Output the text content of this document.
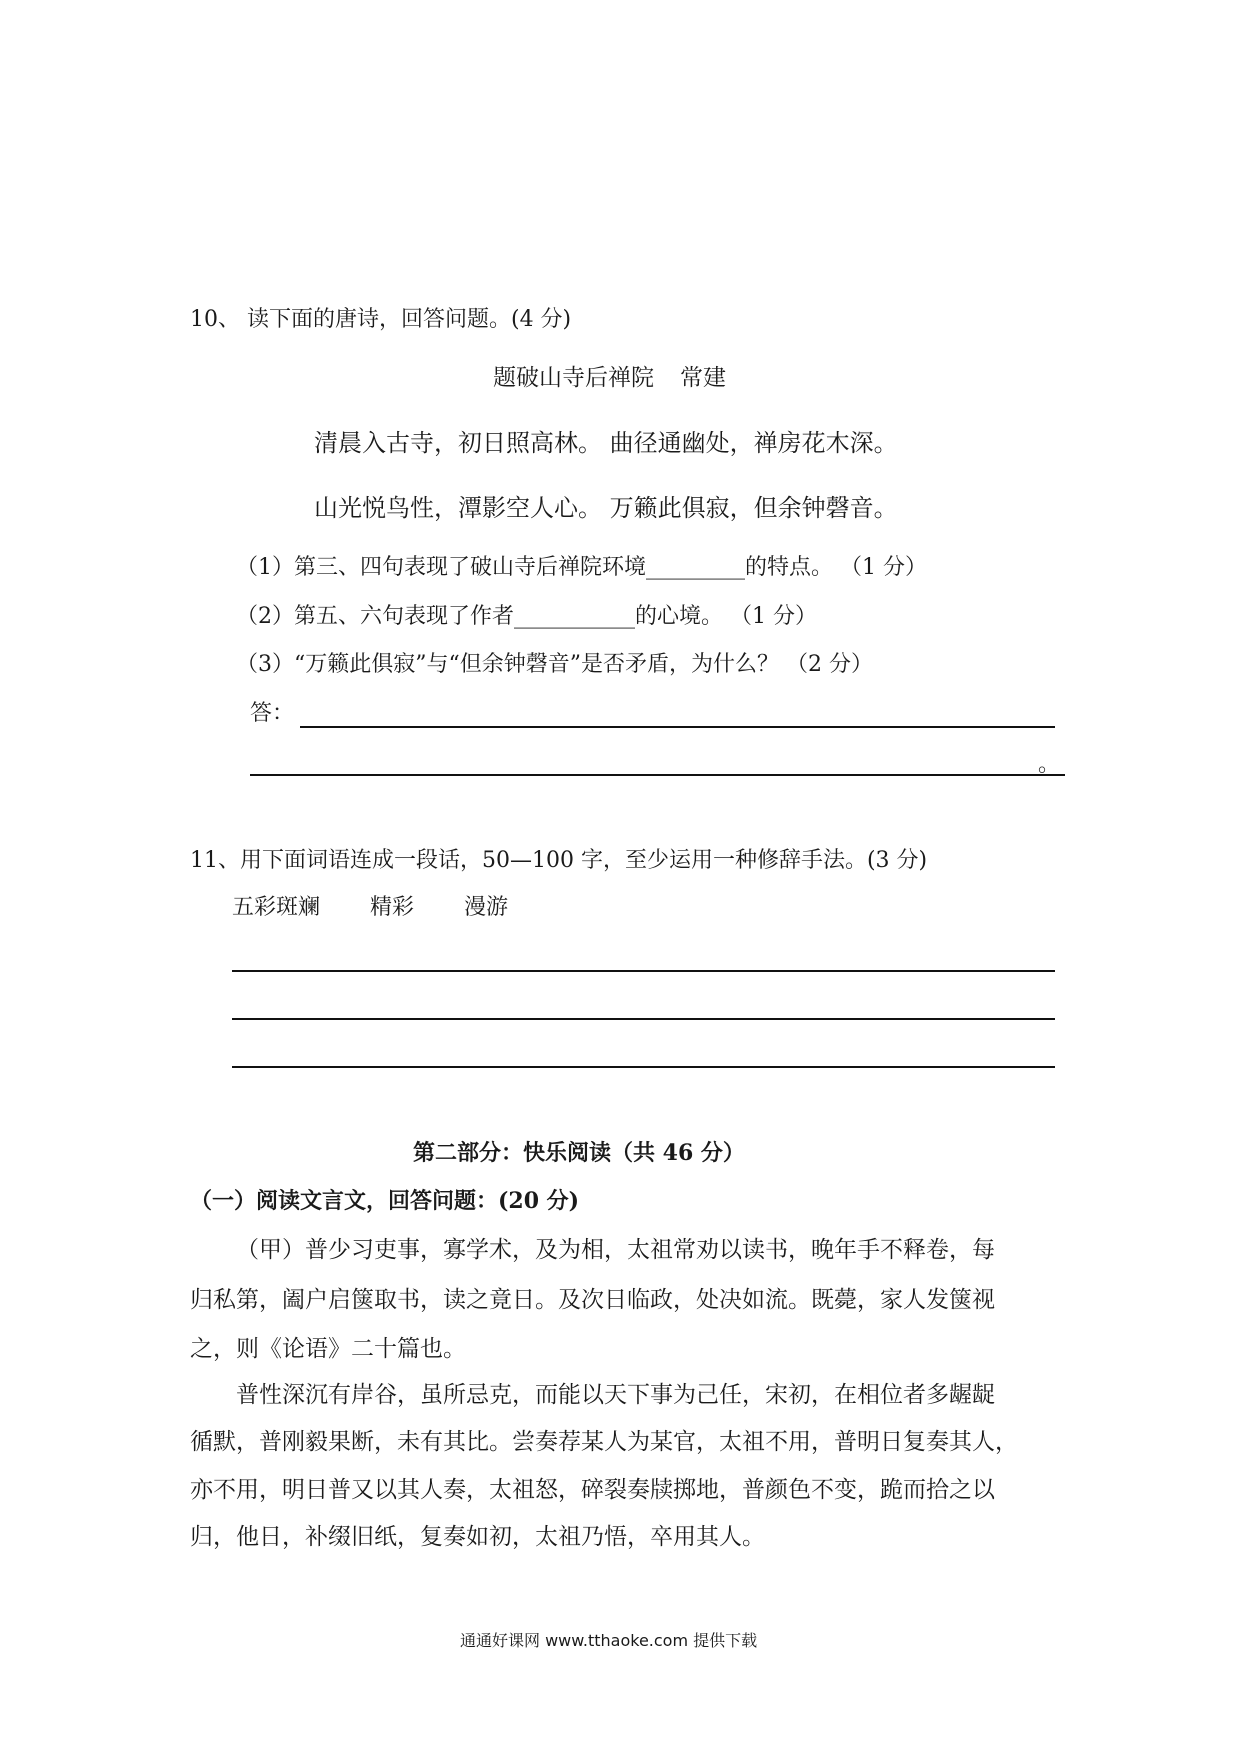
10、 读下面的唐诗，回答问题。(4 分)
题破山寺后禅院 常建
清晨入古寺，初日照高林。 曲径通幽处，禅房花木深。
山光悦鸟性，潭影空人心。 万籁此俱寂，但余钟磬音。
（1）第三、四句表现了破山寺后禅院环境_________的特点。 （1 分）
（2）第五、六句表现了作者___________的心境。 （1 分）
（3）“万籁此俱寂”与“但余钟磬音”是否矛盾，为什么？ （2 分）
答：
。
11、用下面词语连成一段话，50—100 字，至少运用一种修辞手法。(3 分)
五彩斑斓 精彩 漫游
第二部分：快乐阅读（共 46 分）
（一）阅读文言文，回答问题：(20 分)
（甲）普少习吏事，寡学术，及为相，太祖常劝以读书，晚年手不释卷，每
归私第，阖户启箧取书，读之竟日。及次日临政，处决如流。既薨，家人发箧视
之，则《论语》二十篇也。
普性深沉有岸谷，虽所忌克，而能以天下事为己任，宋初，在相位者多龌龊
循默，普刚毅果断，未有其比。尝奏荐某人为某官，太祖不用，普明日复奏其人，
亦不用，明日普又以其人奏，太祖怒，碎裂奏牍掷地，普颜色不变，跪而拾之以
归，他日，补缀旧纸，复奏如初，太祖乃悟，卒用其人。
通通好课网 www.tthaoke.com 提供下载
